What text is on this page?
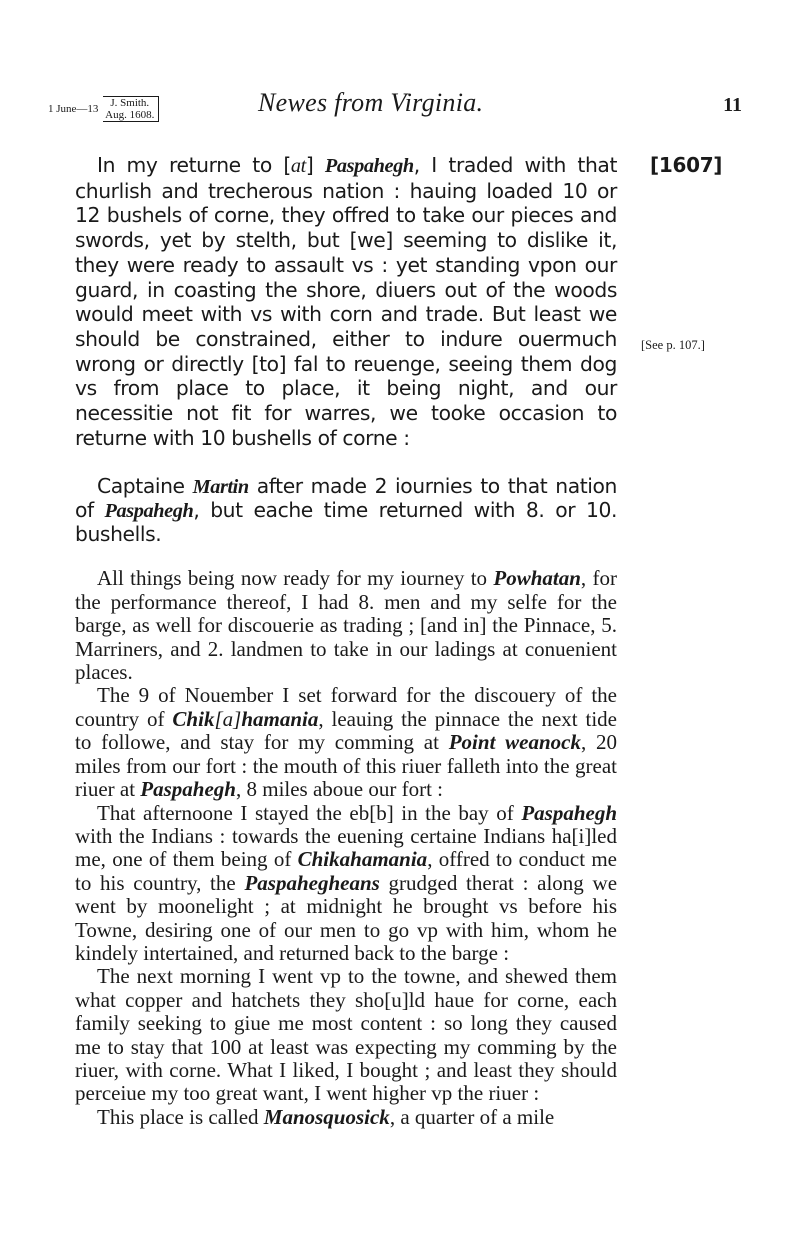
1 June—13 J. Smith.
Aug. 1608.	Newes from Virginia.	11
[1607]
[See p. 107.]

In my returne to [at] Paspahegh, I traded with that churlish and trecherous nation : hauing loaded 10 or 12 bushels of corne, they offred to take our pieces and swords, yet by stelth, but [we] seeming to dislike it, they were ready to assault vs : yet standing vpon our guard, in coasting the shore, diuers out of the woods would meet with vs with corn and trade. But least we should be constrained, either to indure ouermuch wrong or directly [to] fal to reuenge, seeing them dog vs from place to place, it being night, and our necessitie not fit for warres, we tooke occasion to returne with 10 bushells of corne :

Captaine Martin after made 2 iournies to that nation of Paspahegh, but eache time returned with 8. or 10. bushells.

All things being now ready for my iourney to Powhatan, for the performance thereof, I had 8. men and my selfe for the barge, as well for discouerie as trading ; [and in] the Pinnace, 5. Marriners, and 2. landmen to take in our ladings at conuenient places.

The 9 of Nouember I set forward for the discouery of the country of Chik[a]hamania, leauing the pinnace the next tide to followe, and stay for my comming at Point weanock, 20 miles from our fort : the mouth of this riuer falleth into the great riuer at Paspahegh, 8 miles aboue our fort :

That afternoone I stayed the eb[b] in the bay of Paspahegh with the Indians : towards the euening certaine Indians ha[i]led me, one of them being of Chikahamania, offred to conduct me to his country, the Paspahegheans grudged therat : along we went by moonelight ; at midnight he brought vs before his Towne, desiring one of our men to go vp with him, whom he kindely intertained, and returned back to the barge :

The next morning I went vp to the towne, and shewed them what copper and hatchets they sho[u]ld haue for corne, each family seeking to giue me most content : so long they caused me to stay that 100 at least was expecting my comming by the riuer, with corne. What I liked, I bought ; and least they should perceiue my too great want, I went higher vp the riuer :

This place is called Manosquosick, a quarter of a mile
